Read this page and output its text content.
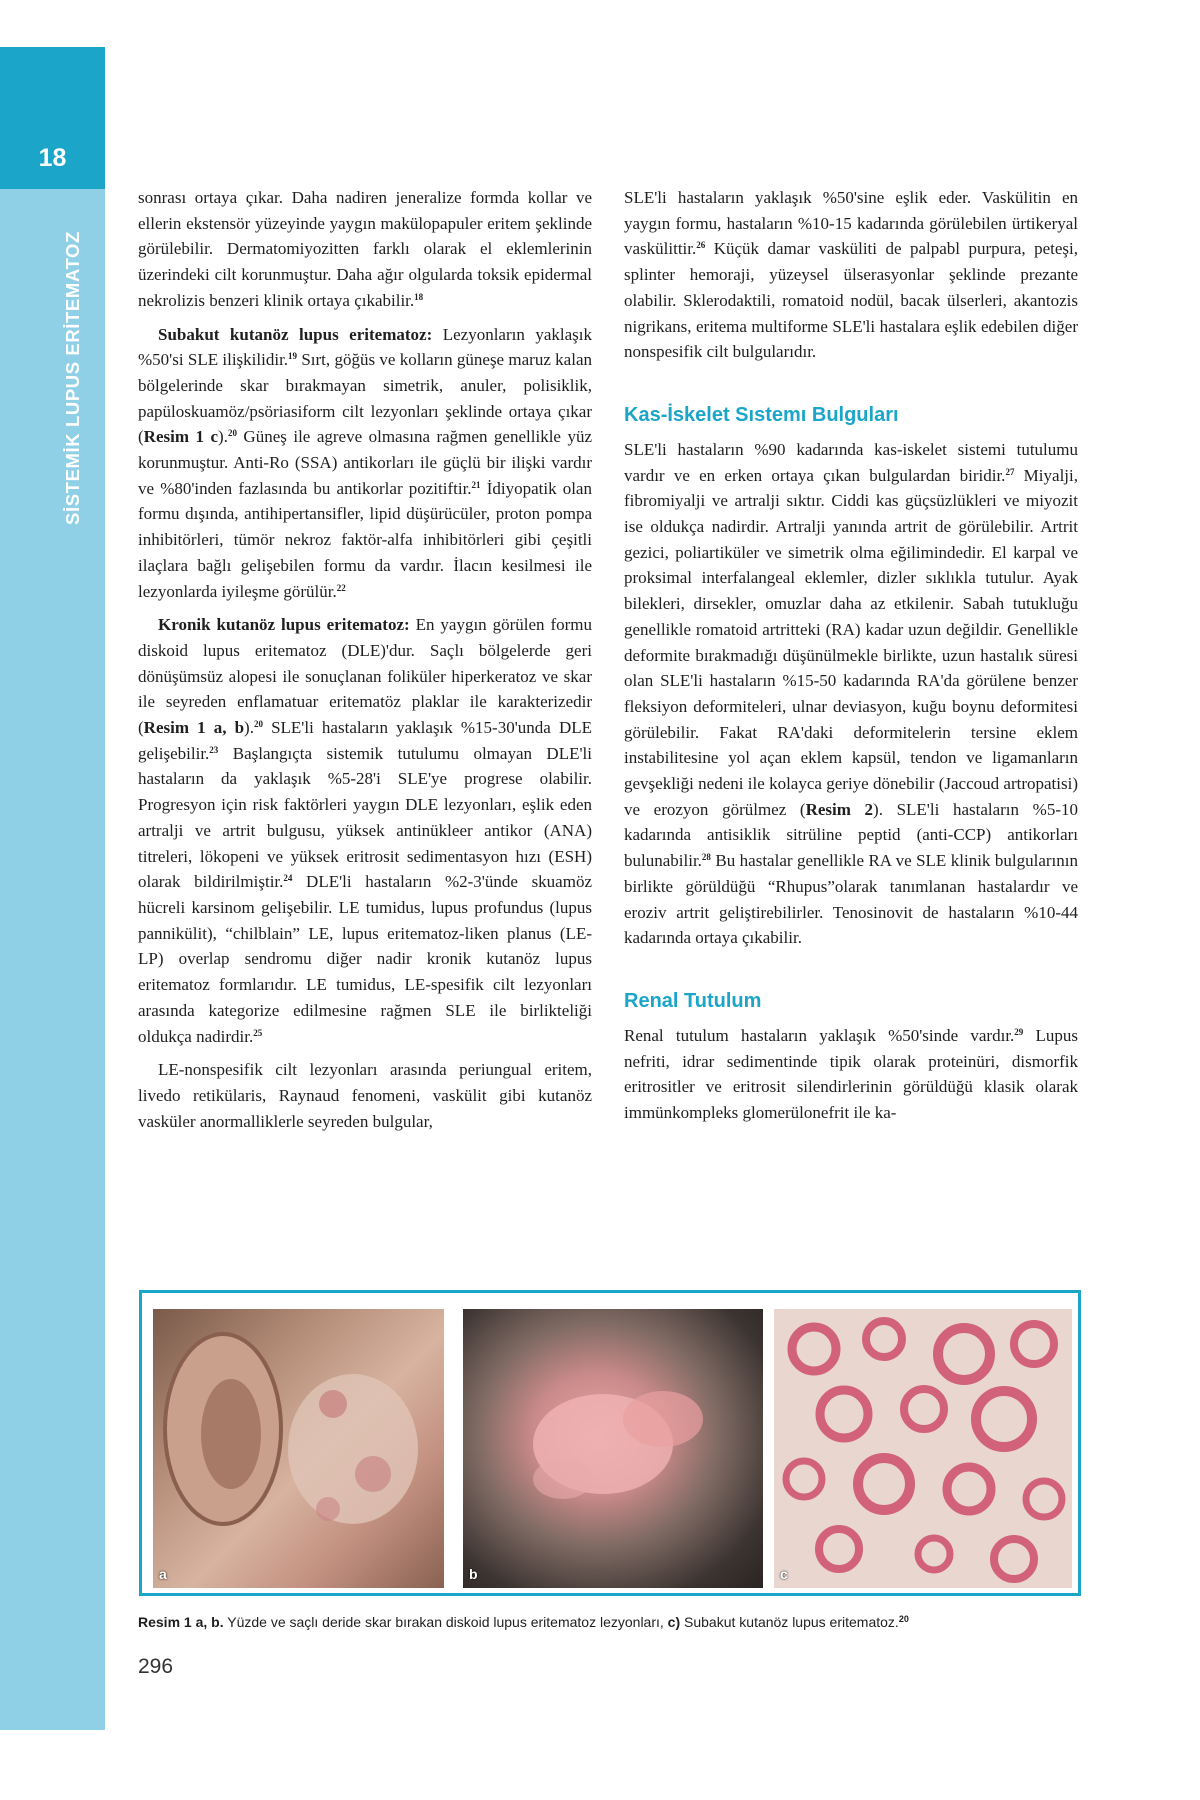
18
SİSTEMİK LUPUS ERİTEMATOZ

sonrası ortaya çıkar. Daha nadiren jeneralize formda kollar ve ellerin ekstensör yüzeyinde yaygın makülopapuler eritem şeklinde görülebilir. Dermatomiyozitten farklı olarak el eklemlerinin üzerindeki cilt korunmuştur. Daha ağır olgularda toksik epidermal nekrolizis benzeri klinik ortaya çıkabilir.$^{18}$

Subakut kutanöz lupus eritematoz: Lezyonların yaklaşık %50'si SLE ilişkilidir.$^{19}$ Sırt, göğüs ve kolların güneşe maruz kalan bölgelerinde skar bırakmayan simetrik, anuler, polisiklik, papüloskuamöz/psöriasiform cilt lezyonları şeklinde ortaya çıkar (Resim 1 c).$^{20}$ Güneş ile agreve olmasına rağmen genellikle yüz korunmuştur. Anti-Ro (SSA) antikorları ile güçlü bir ilişki vardır ve %80'inden fazlasında bu antikorlar pozitiftir.$^{21}$ İdiyopatik olan formu dışında, antihipertansifler, lipid düşürücüler, proton pompa inhibitörleri, tümör nekroz faktör-alfa inhibitörleri gibi çeşitli ilaçlara bağlı gelişebilen formu da vardır. İlacın kesilmesi ile lezyonlarda iyileşme görülür.$^{22}$

Kronik kutanöz lupus eritematoz: En yaygın görülen formu diskoid lupus eritematoz (DLE)'dur. Saçlı bölgelerde geri dönüşümsüz alopesi ile sonuçlanan foliküler hiperkeratoz ve skar ile seyreden enflamatuar eritematöz plaklar ile karakterizedir (Resim 1 a, b).$^{20}$ SLE'li hastaların yaklaşık %15-30'unda DLE gelişebilir.$^{23}$ Başlangıçta sistemik tutulumu olmayan DLE'li hastaların da yaklaşık %5-28'i SLE'ye progrese olabilir. Progresyon için risk faktörleri yaygın DLE lezyonları, eşlik eden artralji ve artrit bulgusu, yüksek antinükleer antikor (ANA) titreleri, lökopeni ve yüksek eritrosit sedimentasyon hızı (ESH) olarak bildirilmiştir.$^{24}$ DLE'li hastaların %2-3'ünde skuamöz hücreli karsinom gelişebilir. LE tumidus, lupus profundus (lupus pannikülit), “chilblain” LE, lupus eritematoz-liken planus (LE-LP) overlap sendromu diğer nadir kronik kutanöz lupus eritematoz formlarıdır. LE tumidus, LE-spesifik cilt lezyonları arasında kategorize edilmesine rağmen SLE ile birlikteliği oldukça nadirdir.$^{25}$

LE-nonspesifik cilt lezyonları arasında periungual eritem, livedo retikülaris, Raynaud fenomeni, vaskülit gibi kutanöz vasküler anormalliklerle seyreden bulgular,

SLE'li hastaların yaklaşık %50'sine eşlik eder. Vaskülitin en yaygın formu, hastaların %10-15 kadarında görülebilen ürtikeryal vaskülittir.$^{26}$ Küçük damar vasküliti de palpabl purpura, peteşi, splinter hemoraji, yüzeysel ülserasyonlar şeklinde prezante olabilir. Sklerodaktili, romatoid nodül, bacak ülserleri, akantozis nigrikans, eritema multiforme SLE'li hastalara eşlik edebilen diğer nonspesifik cilt bulgularıdır.

Kas-İskelet Sıstemı Bulguları

SLE'li hastaların %90 kadarında kas-iskelet sistemi tutulumu vardır ve en erken ortaya çıkan bulgulardan biridir.$^{27}$ Miyalji, fibromiyalji ve artralji sıktır. Ciddi kas güçsüzlükleri ve miyozit ise oldukça nadirdir. Artralji yanında artrit de görülebilir. Artrit gezici, poliartiküler ve simetrik olma eğilimindedir. El karpal ve proksimal interfalangeal eklemler, dizler sıklıkla tutulur. Ayak bilekleri, dirsekler, omuzlar daha az etkilenir. Sabah tutukluğu genellikle romatoid artritteki (RA) kadar uzun değildir. Genellikle deformite bırakmadığı düşünülmekle birlikte, uzun hastalık süresi olan SLE'li hastaların %15-50 kadarında RA'da görülene benzer fleksiyon deformiteleri, ulnar deviasyon, kuğu boynu deformitesi görülebilir. Fakat RA'daki deformitelerin tersine eklem instabilitesine yol açan eklem kapsül, tendon ve ligamanların gevşekliği nedeni ile kolayca geriye dönebilir (Jaccoud artropatisi) ve erozyon görülmez (Resim 2). SLE'li hastaların %5-10 kadarında antisiklik sitrüline peptid (anti-CCP) antikorları bulunabilir.$^{28}$ Bu hastalar genellikle RA ve SLE klinik bulgularının birlikte görüldüğü “Rhupus”olarak tanımlanan hastalardır ve eroziv artrit geliştirebilirler. Tenosinovit de hastaların %10-44 kadarında ortaya çıkabilir.

Renal Tutulum

Renal tutulum hastaların yaklaşık %50'sinde vardır.$^{29}$ Lupus nefriti, idrar sedimentinde tipik olarak proteinüri, dismorfik eritrositler ve eritrosit silendirlerinin görüldüğü klasik olarak immünkompleks glomerülonefrit ile ka-

a	b	c
Resim 1 a, b. Yüzde ve saçlı deride skar bırakan diskoid lupus eritematoz lezyonları, c) Subakut kutanöz lupus eritematoz.$^{20}$
296
